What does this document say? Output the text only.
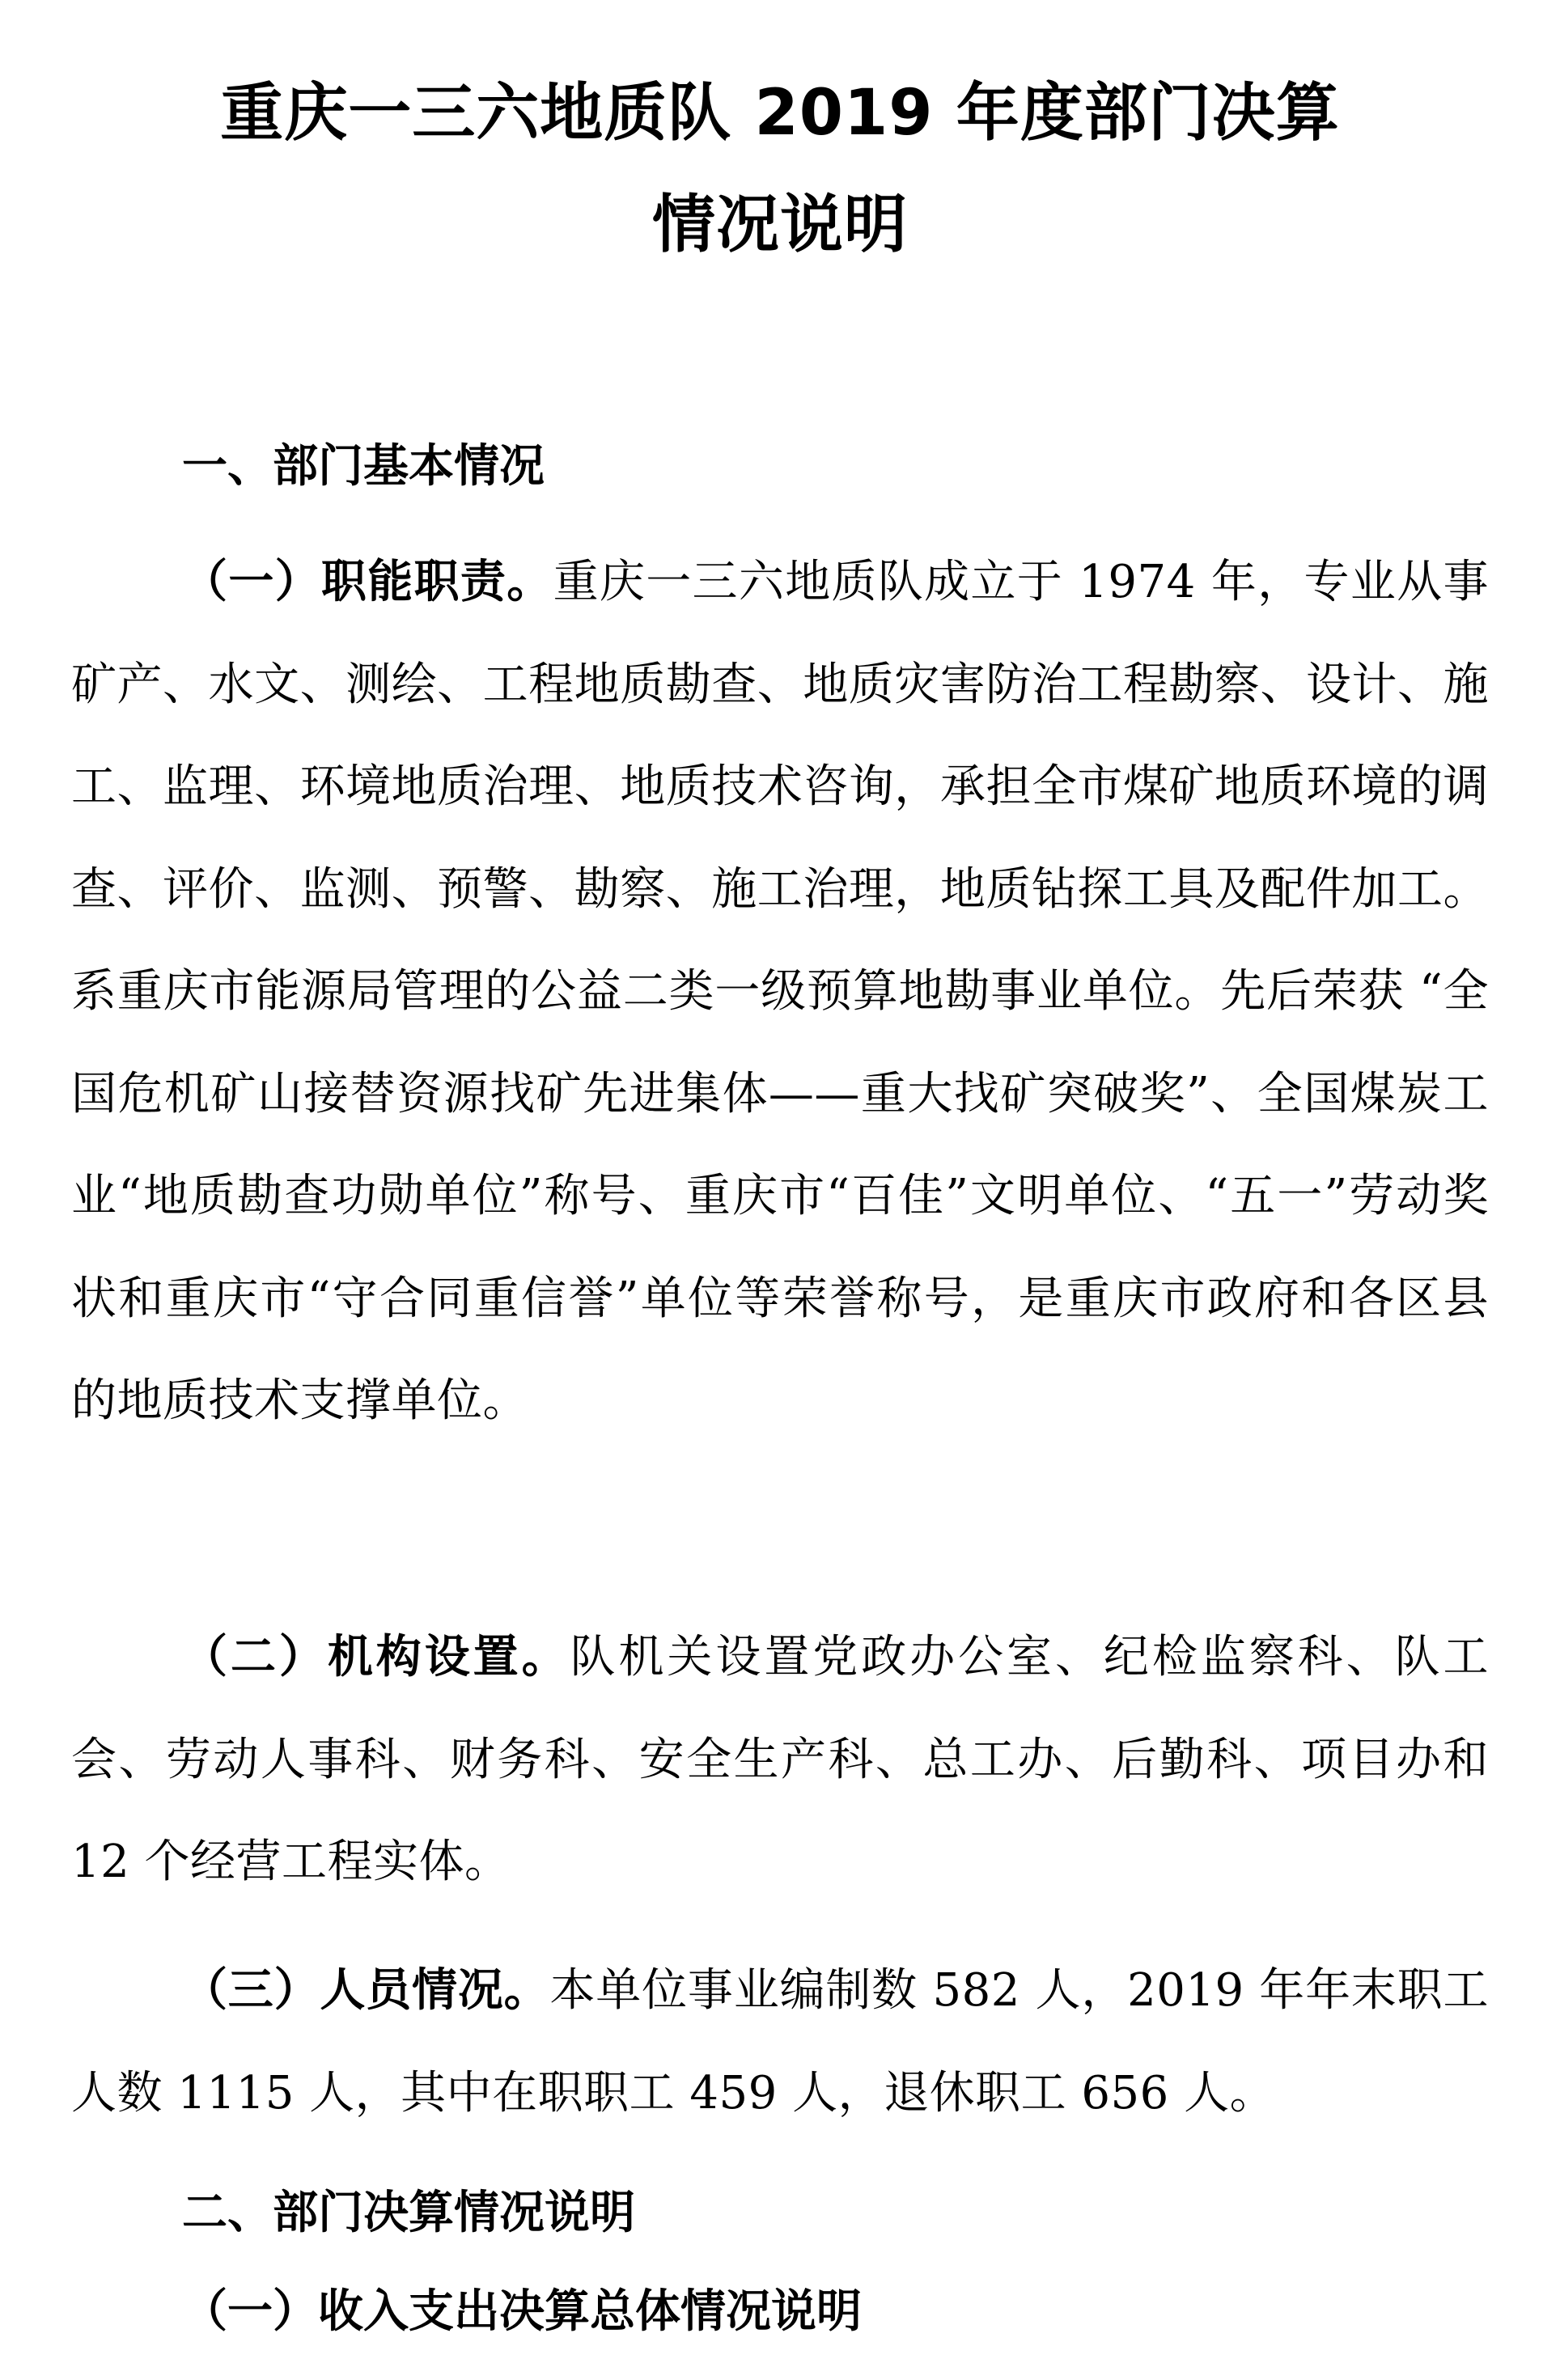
重庆一三六地质队 2019 年度部门决算
情况说明
一、部门基本情况

（一）职能职责。重庆一三六地质队成立于 1974 年，专业从事矿产、水文、测绘、工程地质勘查、地质灾害防治工程勘察、设计、施工、监理、环境地质治理、地质技术咨询，承担全市煤矿地质环境的调查、评价、监测、预警、勘察、施工治理，地质钻探工具及配件加工。系重庆市能源局管理的公益二类一级预算地勘事业单位。先后荣获 “全国危机矿山接替资源找矿先进集体——重大找矿突破奖”、全国煤炭工业“地质勘查功勋单位”称号、重庆市“百佳”文明单位、“五一”劳动奖状和重庆市“守合同重信誉”单位等荣誉称号，是重庆市政府和各区县的地质技术支撑单位。

（二）机构设置。队机关设置党政办公室、纪检监察科、队工会、劳动人事科、财务科、安全生产科、总工办、后勤科、项目办和 12 个经营工程实体。

（三）人员情况。本单位事业编制数 582 人，2019 年年末职工人数 1115 人，其中在职职工 459 人，退休职工 656 人。

二、部门决算情况说明
（一）收入支出决算总体情况说明
